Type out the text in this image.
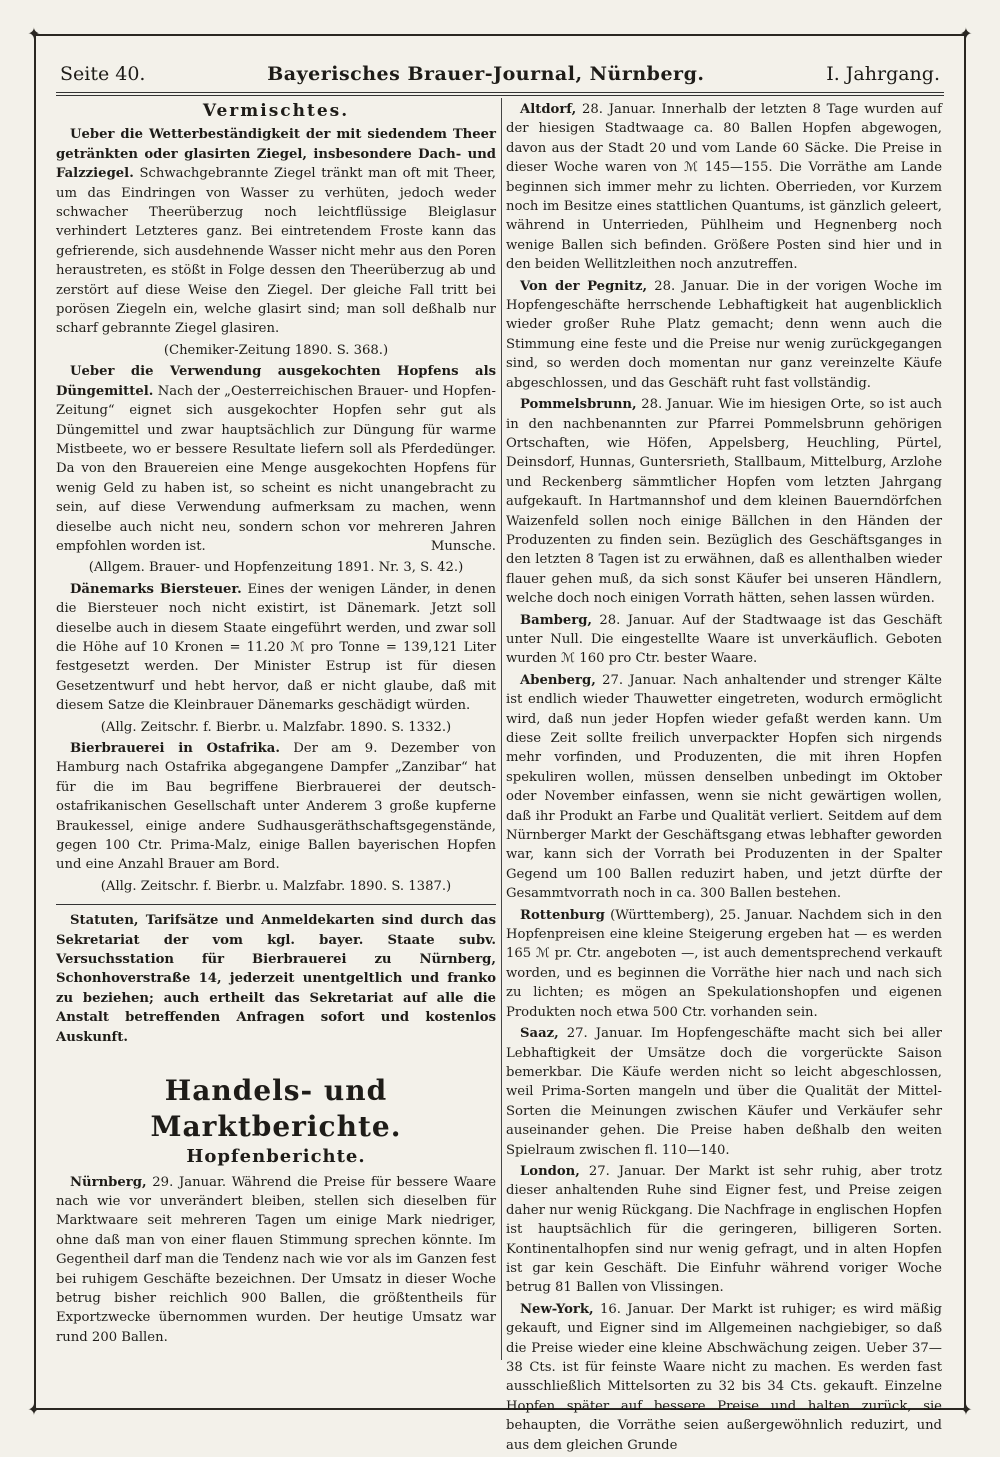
✦	✦
✦	✦
Seite 40.	Bayerisches Brauer-Journal, Nürnberg.	I. Jahrgang.
Vermischtes.

Ueber die Wetterbeständigkeit der mit siedendem Theer getränkten oder glasirten Ziegel, insbesondere Dach- und Falzziegel. Schwachgebrannte Ziegel tränkt man oft mit Theer, um das Eindringen von Wasser zu verhüten, jedoch weder schwacher Theerüberzug noch leichtflüssige Bleiglasur verhindert Letzteres ganz. Bei eintretendem Froste kann das gefrierende, sich ausdehnende Wasser nicht mehr aus den Poren heraustreten, es stößt in Folge dessen den Theerüberzug ab und zerstört auf diese Weise den Ziegel. Der gleiche Fall tritt bei porösen Ziegeln ein, welche glasirt sind; man soll deßhalb nur scharf gebrannte Ziegel glasiren.

(Chemiker-Zeitung 1890. S. 368.)

Ueber die Verwendung ausgekochten Hopfens als Düngemittel. Nach der „Oesterreichischen Brauer- und Hopfen-Zeitung“ eignet sich ausgekochter Hopfen sehr gut als Düngemittel und zwar hauptsächlich zur Düngung für warme Mistbeete, wo er bessere Resultate liefern soll als Pferdedünger. Da von den Brauereien eine Menge ausgekochten Hopfens für wenig Geld zu haben ist, so scheint es nicht unangebracht zu sein, auf diese Verwendung aufmerksam zu machen, wenn dieselbe auch nicht neu, sondern schon vor mehreren Jahren empfohlen worden ist.	Munsche.

(Allgem. Brauer- und Hopfenzeitung 1891. Nr. 3, S. 42.)

Dänemarks Biersteuer. Eines der wenigen Länder, in denen die Biersteuer noch nicht existirt, ist Dänemark. Jetzt soll dieselbe auch in diesem Staate eingeführt werden, und zwar soll die Höhe auf 10 Kronen = 11.20 ℳ pro Tonne = 139,121 Liter festgesetzt werden. Der Minister Estrup ist für diesen Gesetzentwurf und hebt hervor, daß er nicht glaube, daß mit diesem Satze die Kleinbrauer Dänemarks geschädigt würden.

(Allg. Zeitschr. f. Bierbr. u. Malzfabr. 1890. S. 1332.)

Bierbrauerei in Ostafrika. Der am 9. Dezember von Hamburg nach Ostafrika abgegangene Dampfer „Zanzibar“ hat für die im Bau begriffene Bierbrauerei der deutsch-ostafrikanischen Gesellschaft unter Anderem 3 große kupferne Braukessel, einige andere Sudhausgeräthschaftsgegenstände, gegen 100 Ctr. Prima-Malz, einige Ballen bayerischen Hopfen und eine Anzahl Brauer am Bord.

(Allg. Zeitschr. f. Bierbr. u. Malzfabr. 1890. S. 1387.)

Statuten, Tarifsätze und Anmeldekarten sind durch das Sekretariat der vom kgl. bayer. Staate subv. Versuchsstation für Bierbrauerei zu Nürnberg, Schonhoverstraße 14, jederzeit unentgeltlich und franko zu beziehen; auch ertheilt das Sekretariat auf alle die Anstalt betreffenden Anfragen sofort und kostenlos Auskunft.

Handels- und Marktberichte.
Hopfenberichte.

Nürnberg, 29. Januar. Während die Preise für bessere Waare nach wie vor unverändert bleiben, stellen sich dieselben für Marktwaare seit mehreren Tagen um einige Mark niedriger, ohne daß man von einer flauen Stimmung sprechen könnte. Im Gegentheil darf man die Tendenz nach wie vor als im Ganzen fest bei ruhigem Geschäfte bezeichnen. Der Umsatz in dieser Woche betrug bisher reichlich 900 Ballen, die größtentheils für Exportzwecke übernommen wurden. Der heutige Umsatz war rund 200 Ballen.

Altdorf, 28. Januar. Innerhalb der letzten 8 Tage wurden auf der hiesigen Stadtwaage ca. 80 Ballen Hopfen abgewogen, davon aus der Stadt 20 und vom Lande 60 Säcke. Die Preise in dieser Woche waren von ℳ 145—155. Die Vorräthe am Lande beginnen sich immer mehr zu lichten. Oberrieden, vor Kurzem noch im Besitze eines stattlichen Quantums, ist gänzlich geleert, während in Unterrieden, Pühlheim und Hegnenberg noch wenige Ballen sich befinden. Größere Posten sind hier und in den beiden Wellitzleithen noch anzutreffen.

Von der Pegnitz, 28. Januar. Die in der vorigen Woche im Hopfengeschäfte herrschende Lebhaftigkeit hat augenblicklich wieder großer Ruhe Platz gemacht; denn wenn auch die Stimmung eine feste und die Preise nur wenig zurückgegangen sind, so werden doch momentan nur ganz vereinzelte Käufe abgeschlossen, und das Geschäft ruht fast vollständig.

Pommelsbrunn, 28. Januar. Wie im hiesigen Orte, so ist auch in den nachbenannten zur Pfarrei Pommelsbrunn gehörigen Ortschaften, wie Höfen, Appelsberg, Heuchling, Pürtel, Deinsdorf, Hunnas, Guntersrieth, Stallbaum, Mittelburg, Arzlohe und Reckenberg sämmtlicher Hopfen vom letzten Jahrgang aufgekauft. In Hartmannshof und dem kleinen Bauerndörfchen Waizenfeld sollen noch einige Bällchen in den Händen der Produzenten zu finden sein. Bezüglich des Geschäftsganges in den letzten 8 Tagen ist zu erwähnen, daß es allenthalben wieder flauer gehen muß, da sich sonst Käufer bei unseren Händlern, welche doch noch einigen Vorrath hätten, sehen lassen würden.

Bamberg, 28. Januar. Auf der Stadtwaage ist das Geschäft unter Null. Die eingestellte Waare ist unverkäuflich. Geboten wurden ℳ 160 pro Ctr. bester Waare.

Abenberg, 27. Januar. Nach anhaltender und strenger Kälte ist endlich wieder Thauwetter eingetreten, wodurch ermöglicht wird, daß nun jeder Hopfen wieder gefaßt werden kann. Um diese Zeit sollte freilich unverpackter Hopfen sich nirgends mehr vorfinden, und Produzenten, die mit ihren Hopfen spekuliren wollen, müssen denselben unbedingt im Oktober oder November einfassen, wenn sie nicht gewärtigen wollen, daß ihr Produkt an Farbe und Qualität verliert. Seitdem auf dem Nürnberger Markt der Geschäftsgang etwas lebhafter geworden war, kann sich der Vorrath bei Produzenten in der Spalter Gegend um 100 Ballen reduzirt haben, und jetzt dürfte der Gesammtvorrath noch in ca. 300 Ballen bestehen.

Rottenburg (Württemberg), 25. Januar. Nachdem sich in den Hopfenpreisen eine kleine Steigerung ergeben hat — es werden 165 ℳ pr. Ctr. angeboten —, ist auch dementsprechend verkauft worden, und es beginnen die Vorräthe hier nach und nach sich zu lichten; es mögen an Spekulationshopfen und eigenen Produkten noch etwa 500 Ctr. vorhanden sein.

Saaz, 27. Januar. Im Hopfengeschäfte macht sich bei aller Lebhaftigkeit der Umsätze doch die vorgerückte Saison bemerkbar. Die Käufe werden nicht so leicht abgeschlossen, weil Prima-Sorten mangeln und über die Qualität der Mittel-Sorten die Meinungen zwischen Käufer und Verkäufer sehr auseinander gehen. Die Preise haben deßhalb den weiten Spielraum zwischen fl. 110—140.

London, 27. Januar. Der Markt ist sehr ruhig, aber trotz dieser anhaltenden Ruhe sind Eigner fest, und Preise zeigen daher nur wenig Rückgang. Die Nachfrage in englischen Hopfen ist hauptsächlich für die geringeren, billigeren Sorten. Kontinentalhopfen sind nur wenig gefragt, und in alten Hopfen ist gar kein Geschäft. Die Einfuhr während voriger Woche betrug 81 Ballen von Vlissingen.

New-York, 16. Januar. Der Markt ist ruhiger; es wird mäßig gekauft, und Eigner sind im Allgemeinen nachgiebiger, so daß die Preise wieder eine kleine Abschwächung zeigen. Ueber 37—38 Cts. ist für feinste Waare nicht zu machen. Es werden fast ausschließlich Mittelsorten zu 32 bis 34 Cts. gekauft. Einzelne Hopfen später auf bessere Preise und halten zurück, sie behaupten, die Vorräthe seien außergewöhnlich reduzirt, und aus dem gleichen Grunde
